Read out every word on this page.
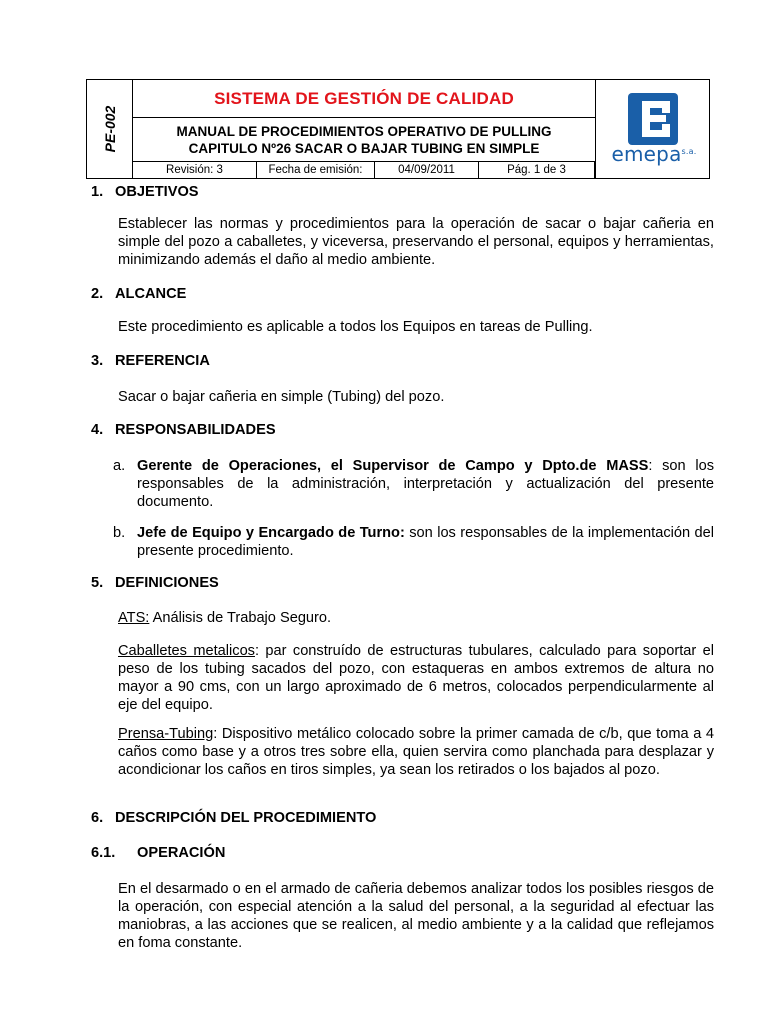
PE-002
SISTEMA DE GESTIÓN DE CALIDAD
MANUAL DE PROCEDIMIENTOS OPERATIVO DE PULLING
CAPITULO Nº26 SACAR O BAJAR TUBING EN SIMPLE
Revisión: 3	Fecha de emisión:	04/09/2011	Pág. 1 de 3
emepa$^{s.a.}$
1. OBJETIVOS
Establecer las normas y procedimientos para la operación de sacar o bajar cañeria en simple del pozo a caballetes, y viceversa, preservando el personal, equipos y herramientas, minimizando además el daño al medio ambiente.
2. ALCANCE
Este procedimiento es aplicable a todos los Equipos en tareas de Pulling.
3. REFERENCIA
Sacar o bajar cañeria en simple (Tubing) del pozo.
4. RESPONSABILIDADES
a. Gerente de Operaciones, el Supervisor de Campo y Dpto.de MASS: son los responsables de la administración, interpretación y actualización del presente documento.
b. Jefe de Equipo y Encargado de Turno: son los responsables de la implementación del presente procedimiento.
5. DEFINICIONES
ATS: Análisis de Trabajo Seguro.
Caballetes metalicos: par construído de estructuras tubulares, calculado para soportar el peso de los tubing sacados del pozo, con estaqueras en ambos extremos de altura no mayor a 90 cms, con un largo aproximado de 6 metros, colocados perpendicularmente al eje del equipo.
Prensa-Tubing: Dispositivo metálico colocado sobre la primer camada de c/b, que toma a 4 caños como base y a otros tres sobre ella, quien servira como planchada para desplazar y acondicionar los caños en tiros simples, ya sean los retirados o los bajados al pozo.
6. DESCRIPCIÓN DEL PROCEDIMIENTO
6.1. OPERACIÓN
En el desarmado o en el armado de cañeria debemos analizar todos los posibles riesgos de la operación, con especial atención a la salud del personal, a la seguridad al efectuar las maniobras, a las acciones que se realicen, al medio ambiente y a la calidad que reflejamos en foma constante.
